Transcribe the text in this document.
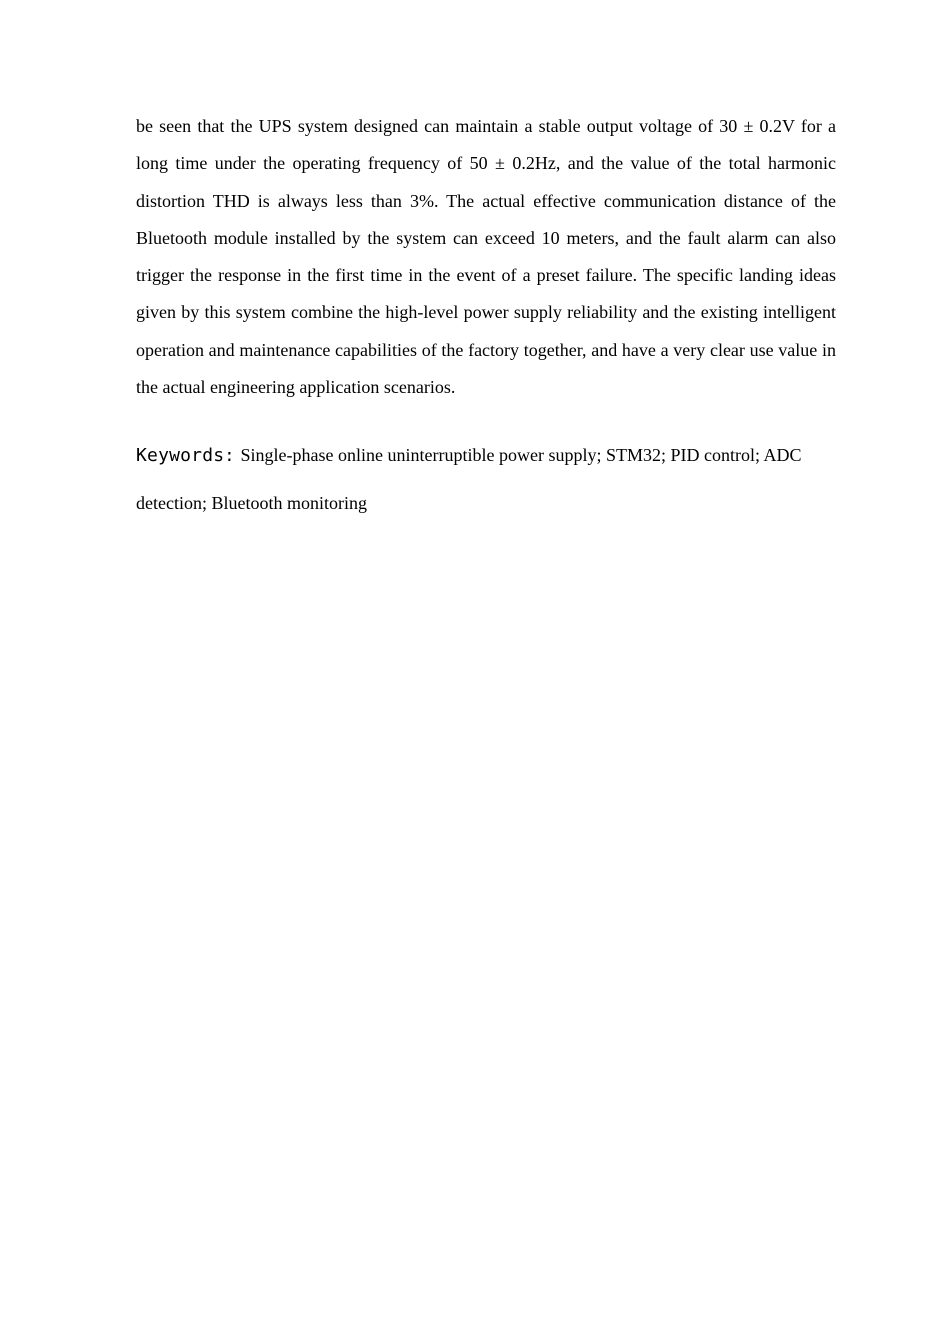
be seen that the UPS system designed can maintain a stable output voltage of 30 ± 0.2V for a long time under the operating frequency of 50 ± 0.2Hz, and the value of the total harmonic distortion THD is always less than 3%. The actual effective communication distance of the Bluetooth module installed by the system can exceed 10 meters, and the fault alarm can also trigger the response in the first time in the event of a preset failure. The specific landing ideas given by this system combine the high-level power supply reliability and the existing intelligent operation and maintenance capabilities of the factory together, and have a very clear use value in the actual engineering application scenarios.

Keywords: Single-phase online uninterruptible power supply; STM32; PID control; ADC detection; Bluetooth monitoring
